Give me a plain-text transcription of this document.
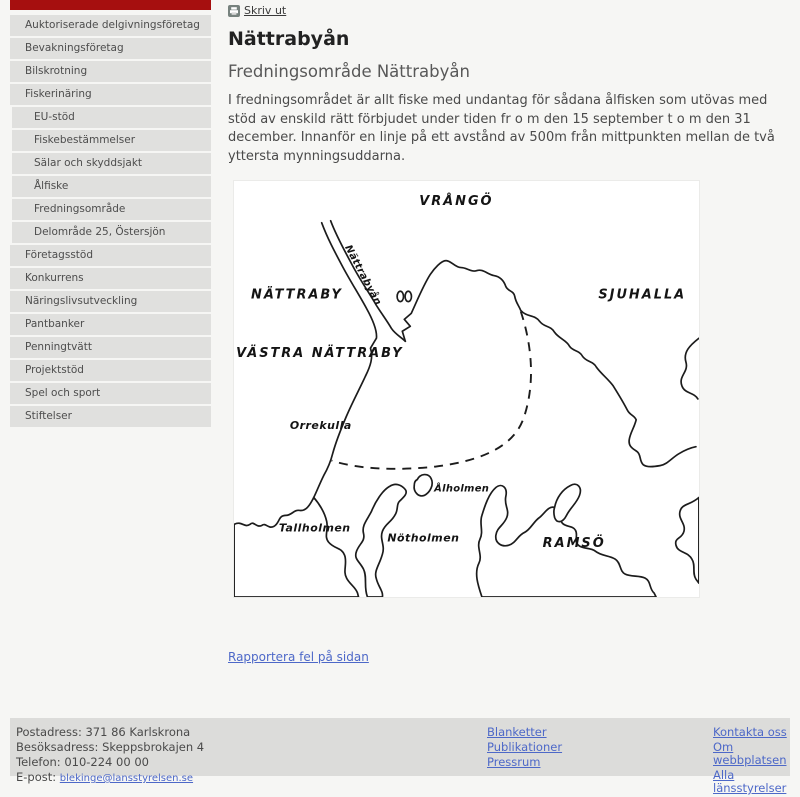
Auktoriserade delgivningsföretag
Bevakningsföretag
Bilskrotning
Fiskerinäring
EU-stöd
Fiskebestämmelser
Sälar och skyddsjakt
Ålfiske
Fredningsområde
Delområde 25, Östersjön
Företagsstöd
Konkurrens
Näringslivsutveckling
Pantbanker
Penningtvätt
Projektstöd
Spel och sport
Stiftelser
Skriv ut
Nättrabyån
Fredningsområde Nättrabyån

I fredningsområdet är allt fiske med undantag för sådana ålfisken som utövas med stöd av enskild rätt förbjudet under tiden fr o m den 15 september t o m den 31 december. Innanför en linje på ett avstånd av 500m från mittpunkten mellan de två yttersta mynningsuddarna.

VRÅNGÖ
Nättrabyån
NÄTTRABY	SJUHALLA
VÄSTRA NÄTTRABY
Orrekulla
Ålholmen
Tallholmen
Nötholmen	RAMSÖ
Rapportera fel på sidan
Postadress: 371 86 Karlskrona
Besöksadress: Skeppsbrokajen 4
Telefon: 010-224 00 00
E-post: blekinge@lansstyrelsen.se
Blanketter
Publikationer
Pressrum
Kontakta oss
Om webbplatsen
Alla länsstyrelser
